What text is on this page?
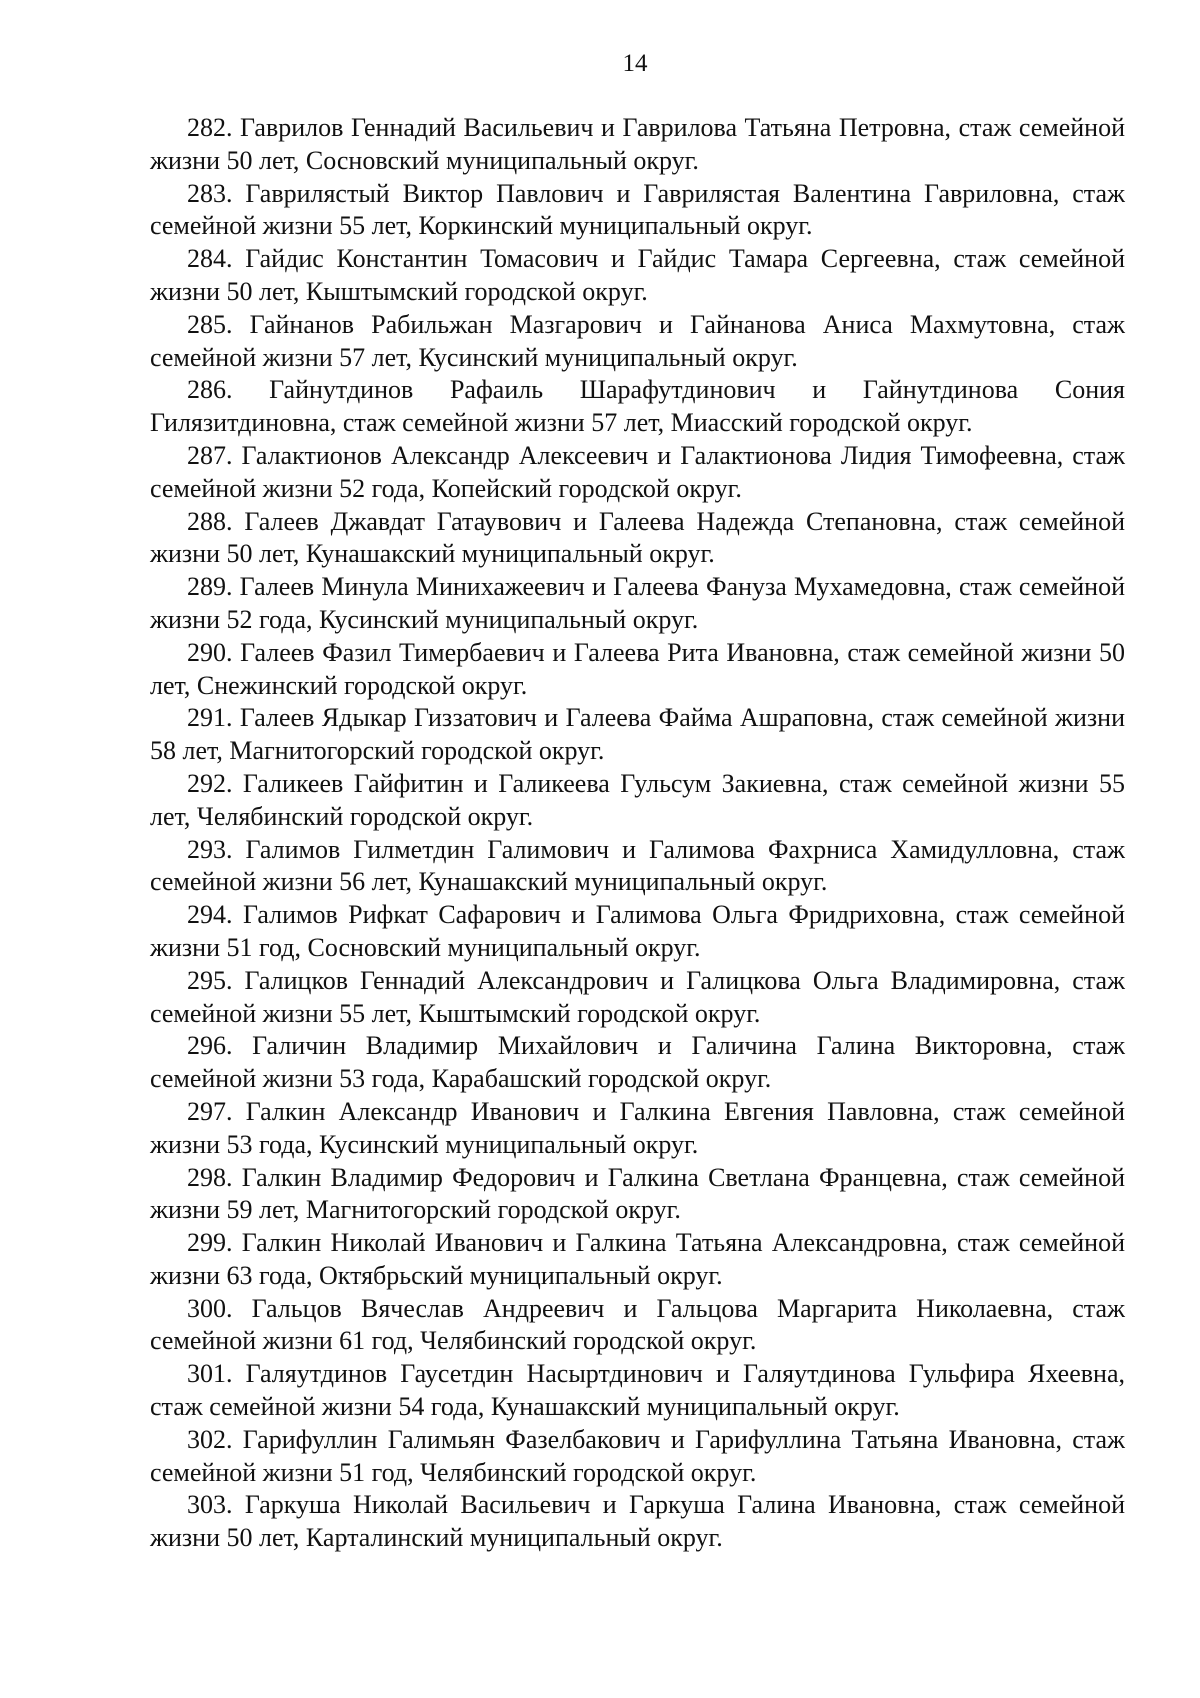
14

282. Гаврилов Геннадий Васильевич и Гаврилова Татьяна Петровна, стаж семейной жизни 50 лет, Сосновский муниципальный округ.

283. Гаврилястый Виктор Павлович и Гаврилястая Валентина Гавриловна, стаж семейной жизни 55 лет, Коркинский муниципальный округ.

284. Гайдис Константин Томасович и Гайдис Тамара Сергеевна, стаж семейной жизни 50 лет, Кыштымский городской округ.

285. Гайнанов Рабильжан Мазгарович и Гайнанова Аниса Махмутовна, стаж семейной жизни 57 лет, Кусинский муниципальный округ.

286. Гайнутдинов Рафаиль Шарафутдинович и Гайнутдинова Сония Гилязитдиновна, стаж семейной жизни 57 лет, Миасский городской округ.

287. Галактионов Александр Алексеевич и Галактионова Лидия Тимофеевна, стаж семейной жизни 52 года, Копейский городской округ.

288. Галеев Джавдат Гатаувович и Галеева Надежда Степановна, стаж семейной жизни 50 лет, Кунашакский муниципальный округ.

289. Галеев Минула Минихажеевич и Галеева Фануза Мухамедовна, стаж семейной жизни 52 года, Кусинский муниципальный округ.

290. Галеев Фазил Тимербаевич и Галеева Рита Ивановна, стаж семейной жизни 50 лет, Снежинский городской округ.

291. Галеев Ядыкар Гиззатович и Галеева Файма Ашраповна, стаж семейной жизни 58 лет, Магнитогорский городской округ.

292. Галикеев Гайфитин и Галикеева Гульсум Закиевна, стаж семейной жизни 55 лет, Челябинский городской округ.

293. Галимов Гилметдин Галимович и Галимова Фахрниса Хамидулловна, стаж семейной жизни 56 лет, Кунашакский муниципальный округ.

294. Галимов Рифкат Сафарович и Галимова Ольга Фридриховна, стаж семейной жизни 51 год, Сосновский муниципальный округ.

295. Галицков Геннадий Александрович и Галицкова Ольга Владимировна, стаж семейной жизни 55 лет, Кыштымский городской округ.

296. Галичин Владимир Михайлович и Галичина Галина Викторовна, стаж семейной жизни 53 года, Карабашский городской округ.

297. Галкин Александр Иванович и Галкина Евгения Павловна, стаж семейной жизни 53 года, Кусинский муниципальный округ.

298. Галкин Владимир Федорович и Галкина Светлана Францевна, стаж семейной жизни 59 лет, Магнитогорский городской округ.

299. Галкин Николай Иванович и Галкина Татьяна Александровна, стаж семейной жизни 63 года, Октябрьский муниципальный округ.

300. Гальцов Вячеслав Андреевич и Гальцова Маргарита Николаевна, стаж семейной жизни 61 год, Челябинский городской округ.

301. Галяутдинов Гаусетдин Насыртдинович и Галяутдинова Гульфира Яхеевна, стаж семейной жизни 54 года, Кунашакский муниципальный округ.

302. Гарифуллин Галимьян Фазелбакович и Гарифуллина Татьяна Ивановна, стаж семейной жизни 51 год, Челябинский городской округ.

303. Гаркуша Николай Васильевич и Гаркуша Галина Ивановна, стаж семейной жизни 50 лет, Карталинский муниципальный округ.
